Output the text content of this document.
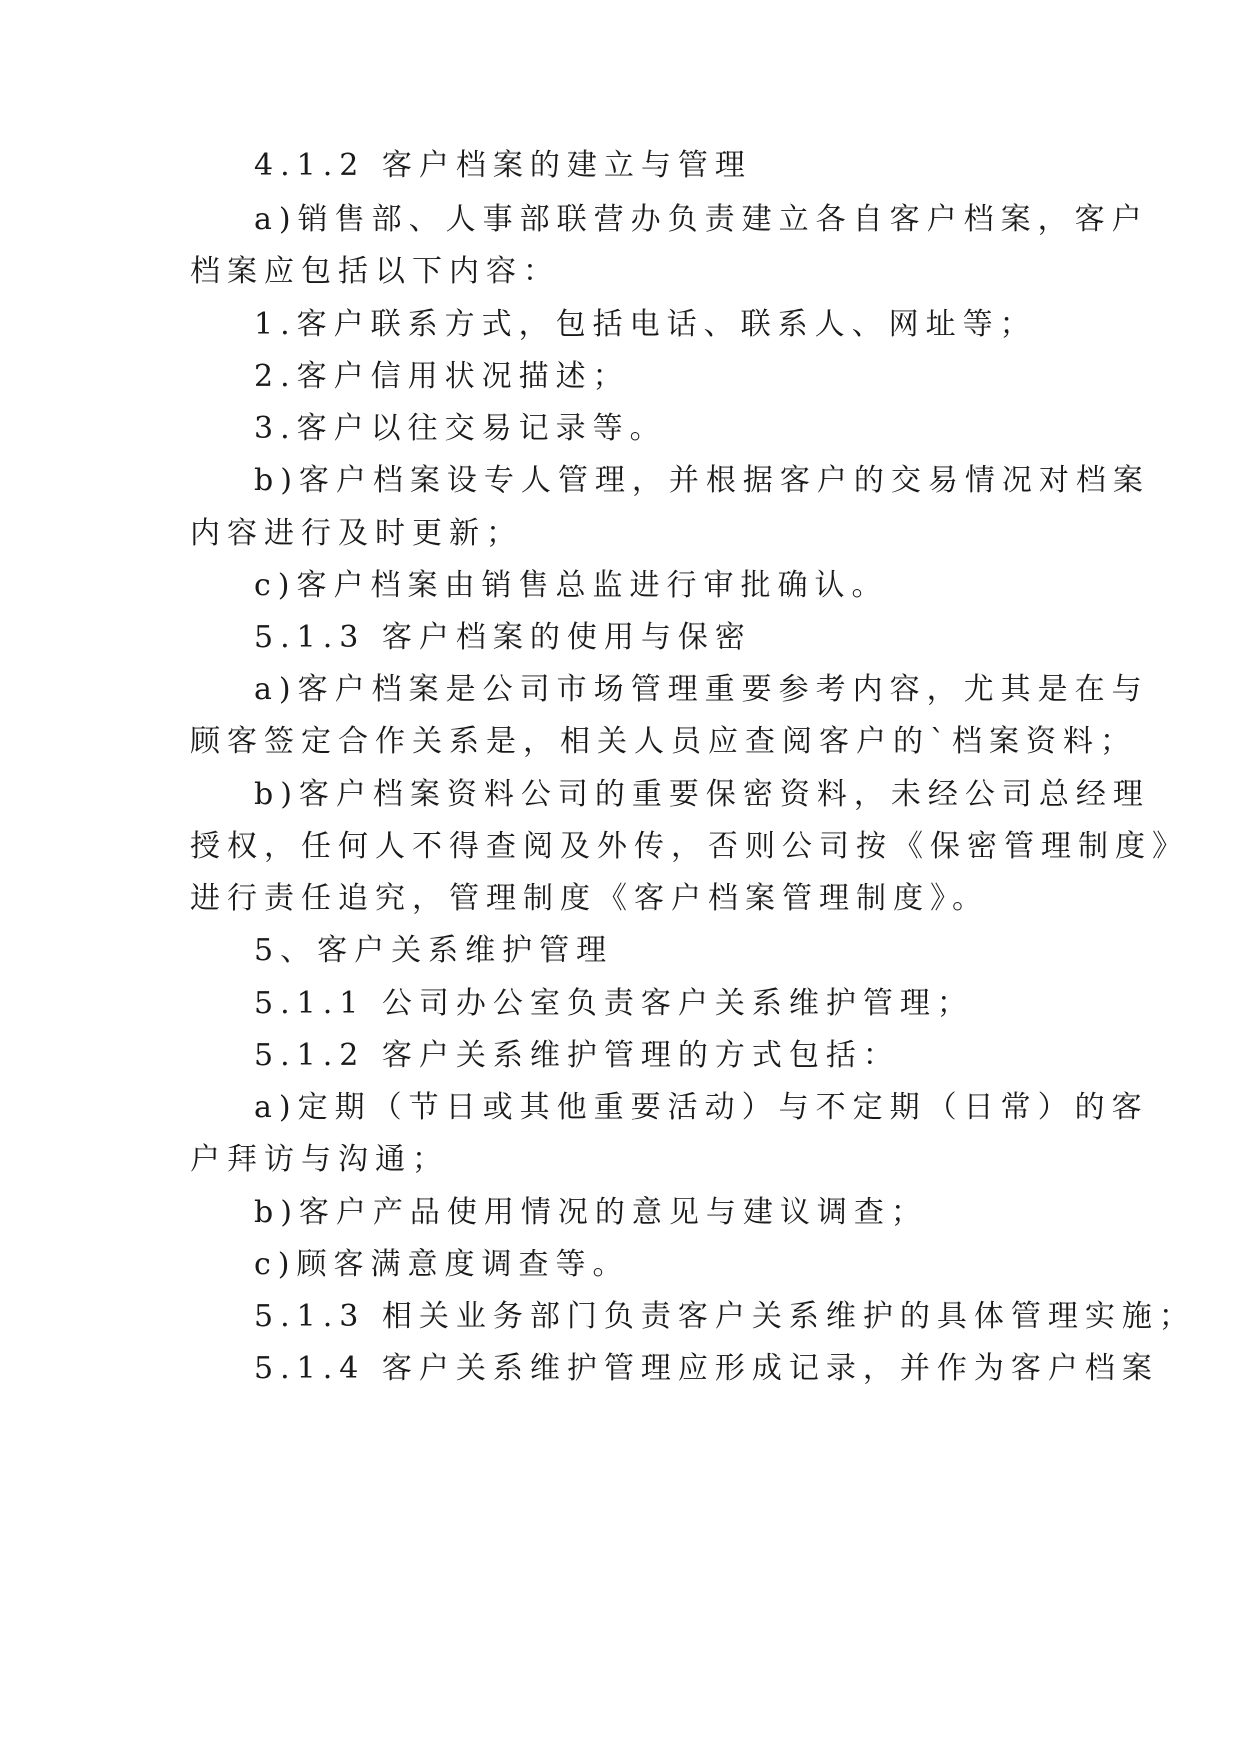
4.1.2 客户档案的建立与管理
a)销售部、人事部联营办负责建立各自客户档案，客户
档案应包括以下内容：
1.客户联系方式，包括电话、联系人、网址等；
2.客户信用状况描述；
3.客户以往交易记录等。
b)客户档案设专人管理，并根据客户的交易情况对档案
内容进行及时更新；
c)客户档案由销售总监进行审批确认。
5.1.3 客户档案的使用与保密
a)客户档案是公司市场管理重要参考内容，尤其是在与
顾客签定合作关系是，相关人员应查阅客户的`档案资料；
b)客户档案资料公司的重要保密资料，未经公司总经理
授权，任何人不得查阅及外传，否则公司按《保密管理制度》
进行责任追究，管理制度《客户档案管理制度》。
5、客户关系维护管理
5.1.1 公司办公室负责客户关系维护管理；
5.1.2 客户关系维护管理的方式包括：
a)定期（节日或其他重要活动）与不定期（日常）的客
户拜访与沟通；
b)客户产品使用情况的意见与建议调查；
c)顾客满意度调查等。
5.1.3 相关业务部门负责客户关系维护的具体管理实施；
5.1.4 客户关系维护管理应形成记录，并作为客户档案
